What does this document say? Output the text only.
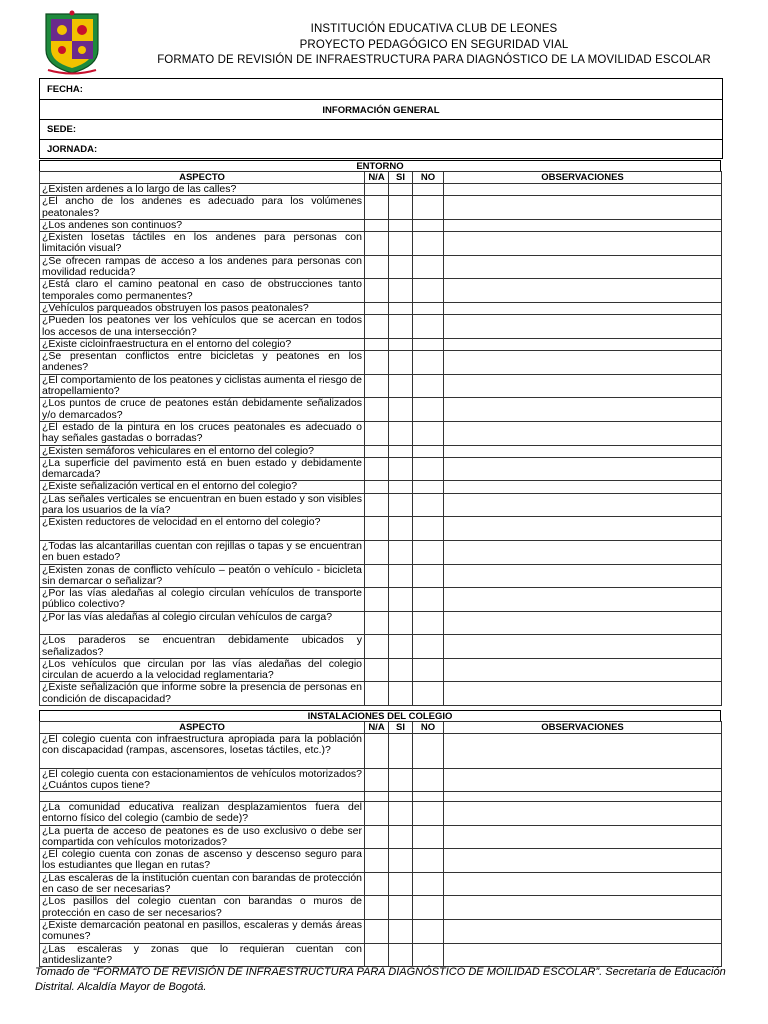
INSTITUCIÓN EDUCATIVA CLUB DE LEONES
PROYECTO PEDAGÓGICO EN SEGURIDAD VIAL
FORMATO DE REVISIÓN DE INFRAESTRUCTURA PARA DIAGNÓSTICO DE LA MOVILIDAD ESCOLAR
FECHA:
INFORMACIÓN GENERAL
SEDE:
JORNADA:
ENTORNO
ASPECTO	N/A	SI	NO	OBSERVACIONES
¿Existen ardenes a lo largo de las calles?				
¿El ancho de los andenes es adecuado para los volúmenes peatonales?				
¿Los andenes son continuos?				
¿Existen losetas táctiles en los andenes para personas con limitación visual?				
¿Se ofrecen rampas de acceso a los andenes para personas con movilidad reducida?				
¿Está claro el camino peatonal en caso de obstrucciones tanto temporales como permanentes?				
¿Vehículos parqueados obstruyen los pasos peatonales?				
¿Pueden los peatones ver los vehículos que se acercan en todos los accesos de una intersección?				
¿Existe cicloinfraestructura en el entorno del colegio?				
¿Se presentan conflictos entre bicicletas y peatones en los andenes?				
¿El comportamiento de los peatones y ciclistas aumenta el riesgo de atropellamiento?				
¿Los puntos de cruce de peatones están debidamente señalizados y/o demarcados?				
¿El estado de la pintura en los cruces peatonales es adecuado o hay señales gastadas o borradas?				
¿Existen semáforos vehiculares en el entorno del colegio?				
¿La superficie del pavimento está en buen estado y debidamente demarcada?				
¿Existe señalización vertical en el entorno del colegio?				
¿Las señales verticales se encuentran en buen estado y son visibles para los usuarios de la vía?				
¿Existen reductores de velocidad en el entorno del colegio?				
¿Todas las alcantarillas cuentan con rejillas o tapas y se encuentran en buen estado?				
¿Existen zonas de conflicto vehículo – peatón o vehículo - bicicleta sin demarcar o señalizar?				
¿Por las vías aledañas al colegio circulan vehículos de transporte público colectivo?				
¿Por las vías aledañas al colegio circulan vehículos de carga?				
¿Los paraderos se encuentran debidamente ubicados y señalizados?				
¿Los vehículos que circulan por las vías aledañas del colegio circulan de acuerdo a la velocidad reglamentaria?				
¿Existe señalización que informe sobre la presencia de personas en condición de discapacidad?				
INSTALACIONES DEL COLEGIO
ASPECTO	N/A	SI	NO	OBSERVACIONES
¿El colegio cuenta con infraestructura apropiada para la población con discapacidad (rampas, ascensores, losetas táctiles, etc.)?				
¿El colegio cuenta con estacionamientos de vehículos motorizados? ¿Cuántos cupos tiene?				

¿La comunidad educativa realizan desplazamientos fuera del entorno físico del colegio (cambio de sede)?				
¿La puerta de acceso de peatones es de uso exclusivo o debe ser compartida con vehículos motorizados?				
¿El colegio cuenta con zonas de ascenso y descenso seguro para los estudiantes que llegan en rutas?				
¿Las escaleras de la institución cuentan con barandas de protección en caso de ser necesarias?				
¿Los pasillos del colegio cuentan con barandas o muros de protección en caso de ser necesarios?				
¿Existe demarcación peatonal en pasillos, escaleras y demás áreas comunes?				
¿Las escaleras y zonas que lo requieran cuentan con antideslizante?				
Tomado de “FORMATO DE REVISIÓN DE INFRAESTRUCTURA PARA DIAGNÓSTICO DE MOILIDAD ESCOLAR”. Secretaría de Educación Distrital. Alcaldía Mayor de Bogotá.
